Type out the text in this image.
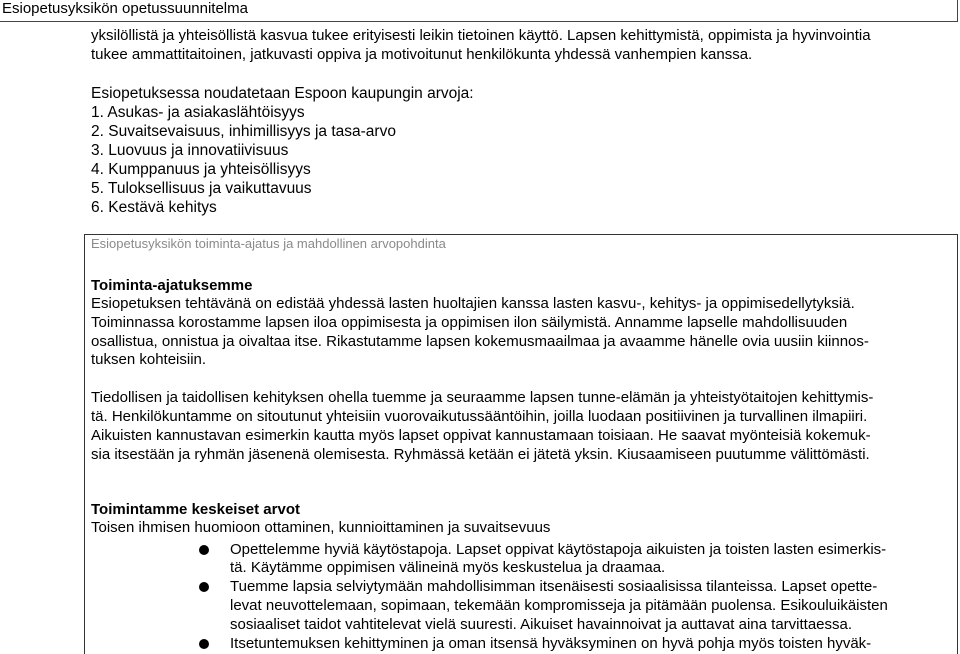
Esiopetusyksikön opetussuunnitelma
yksilöllistä ja yhteisöllistä kasvua tukee erityisesti leikin tietoinen käyttö. Lapsen kehittymistä, oppimista ja hyvinvointia
tukee ammattitaitoinen, jatkuvasti oppiva ja motivoitunut henkilökunta yhdessä vanhempien kanssa.
Esiopetuksessa noudatetaan Espoon kaupungin arvoja:
1. Asukas- ja asiakaslähtöisyys
2. Suvaitsevaisuus, inhimillisyys ja tasa-arvo
3. Luovuus ja innovatiivisuus
4. Kumppanuus ja yhteisöllisyys
5. Tuloksellisuus ja vaikuttavuus
6. Kestävä kehitys
Esiopetusyksikön toiminta-ajatus ja mahdollinen arvopohdinta
Toiminta-ajatuksemme
Esiopetuksen tehtävänä on edistää yhdessä lasten huoltajien kanssa lasten kasvu-, kehitys- ja oppimisedellytyksiä.
Toiminnassa korostamme lapsen iloa oppimisesta ja oppimisen ilon säilymistä. Annamme lapselle mahdollisuuden
osallistua, onnistua ja oivaltaa itse. Rikastutamme lapsen kokemusmaailmaa ja avaamme hänelle ovia uusiin kiinnos-
tuksen kohteisiin.
Tiedollisen ja taidollisen kehityksen ohella tuemme ja seuraamme lapsen tunne-elämän ja yhteistyötaitojen kehittymis-
tä. Henkilökuntamme on sitoutunut yhteisiin vuorovaikutussääntöihin, joilla luodaan positiivinen ja turvallinen ilmapiiri.
Aikuisten kannustavan esimerkin kautta myös lapset oppivat kannustamaan toisiaan. He saavat myönteisiä kokemuk-
sia itsestään ja ryhmän jäsenenä olemisesta. Ryhmässä ketään ei jätetä yksin. Kiusaamiseen puutumme välittömästi.
Toimintamme keskeiset arvot
Toisen ihmisen huomioon ottaminen, kunnioittaminen ja suvaitsevuus
Opettelemme hyviä käytöstapoja. Lapset oppivat käytöstapoja aikuisten ja toisten lasten esimerkis-
tä. Käytämme oppimisen välineinä myös keskustelua ja draamaa.
Tuemme lapsia selviytymään mahdollisimman itsenäisesti sosiaalisissa tilanteissa. Lapset opette-
levat neuvottelemaan, sopimaan, tekemään kompromisseja ja pitämään puolensa. Esikouluikäisten
sosiaaliset taidot vahtitelevat vielä suuresti. Aikuiset havainnoivat ja auttavat aina tarvittaessa.
Itsetuntemuksen kehittyminen ja oman itsensä hyväksyminen on hyvä pohja myös toisten hyväk-
